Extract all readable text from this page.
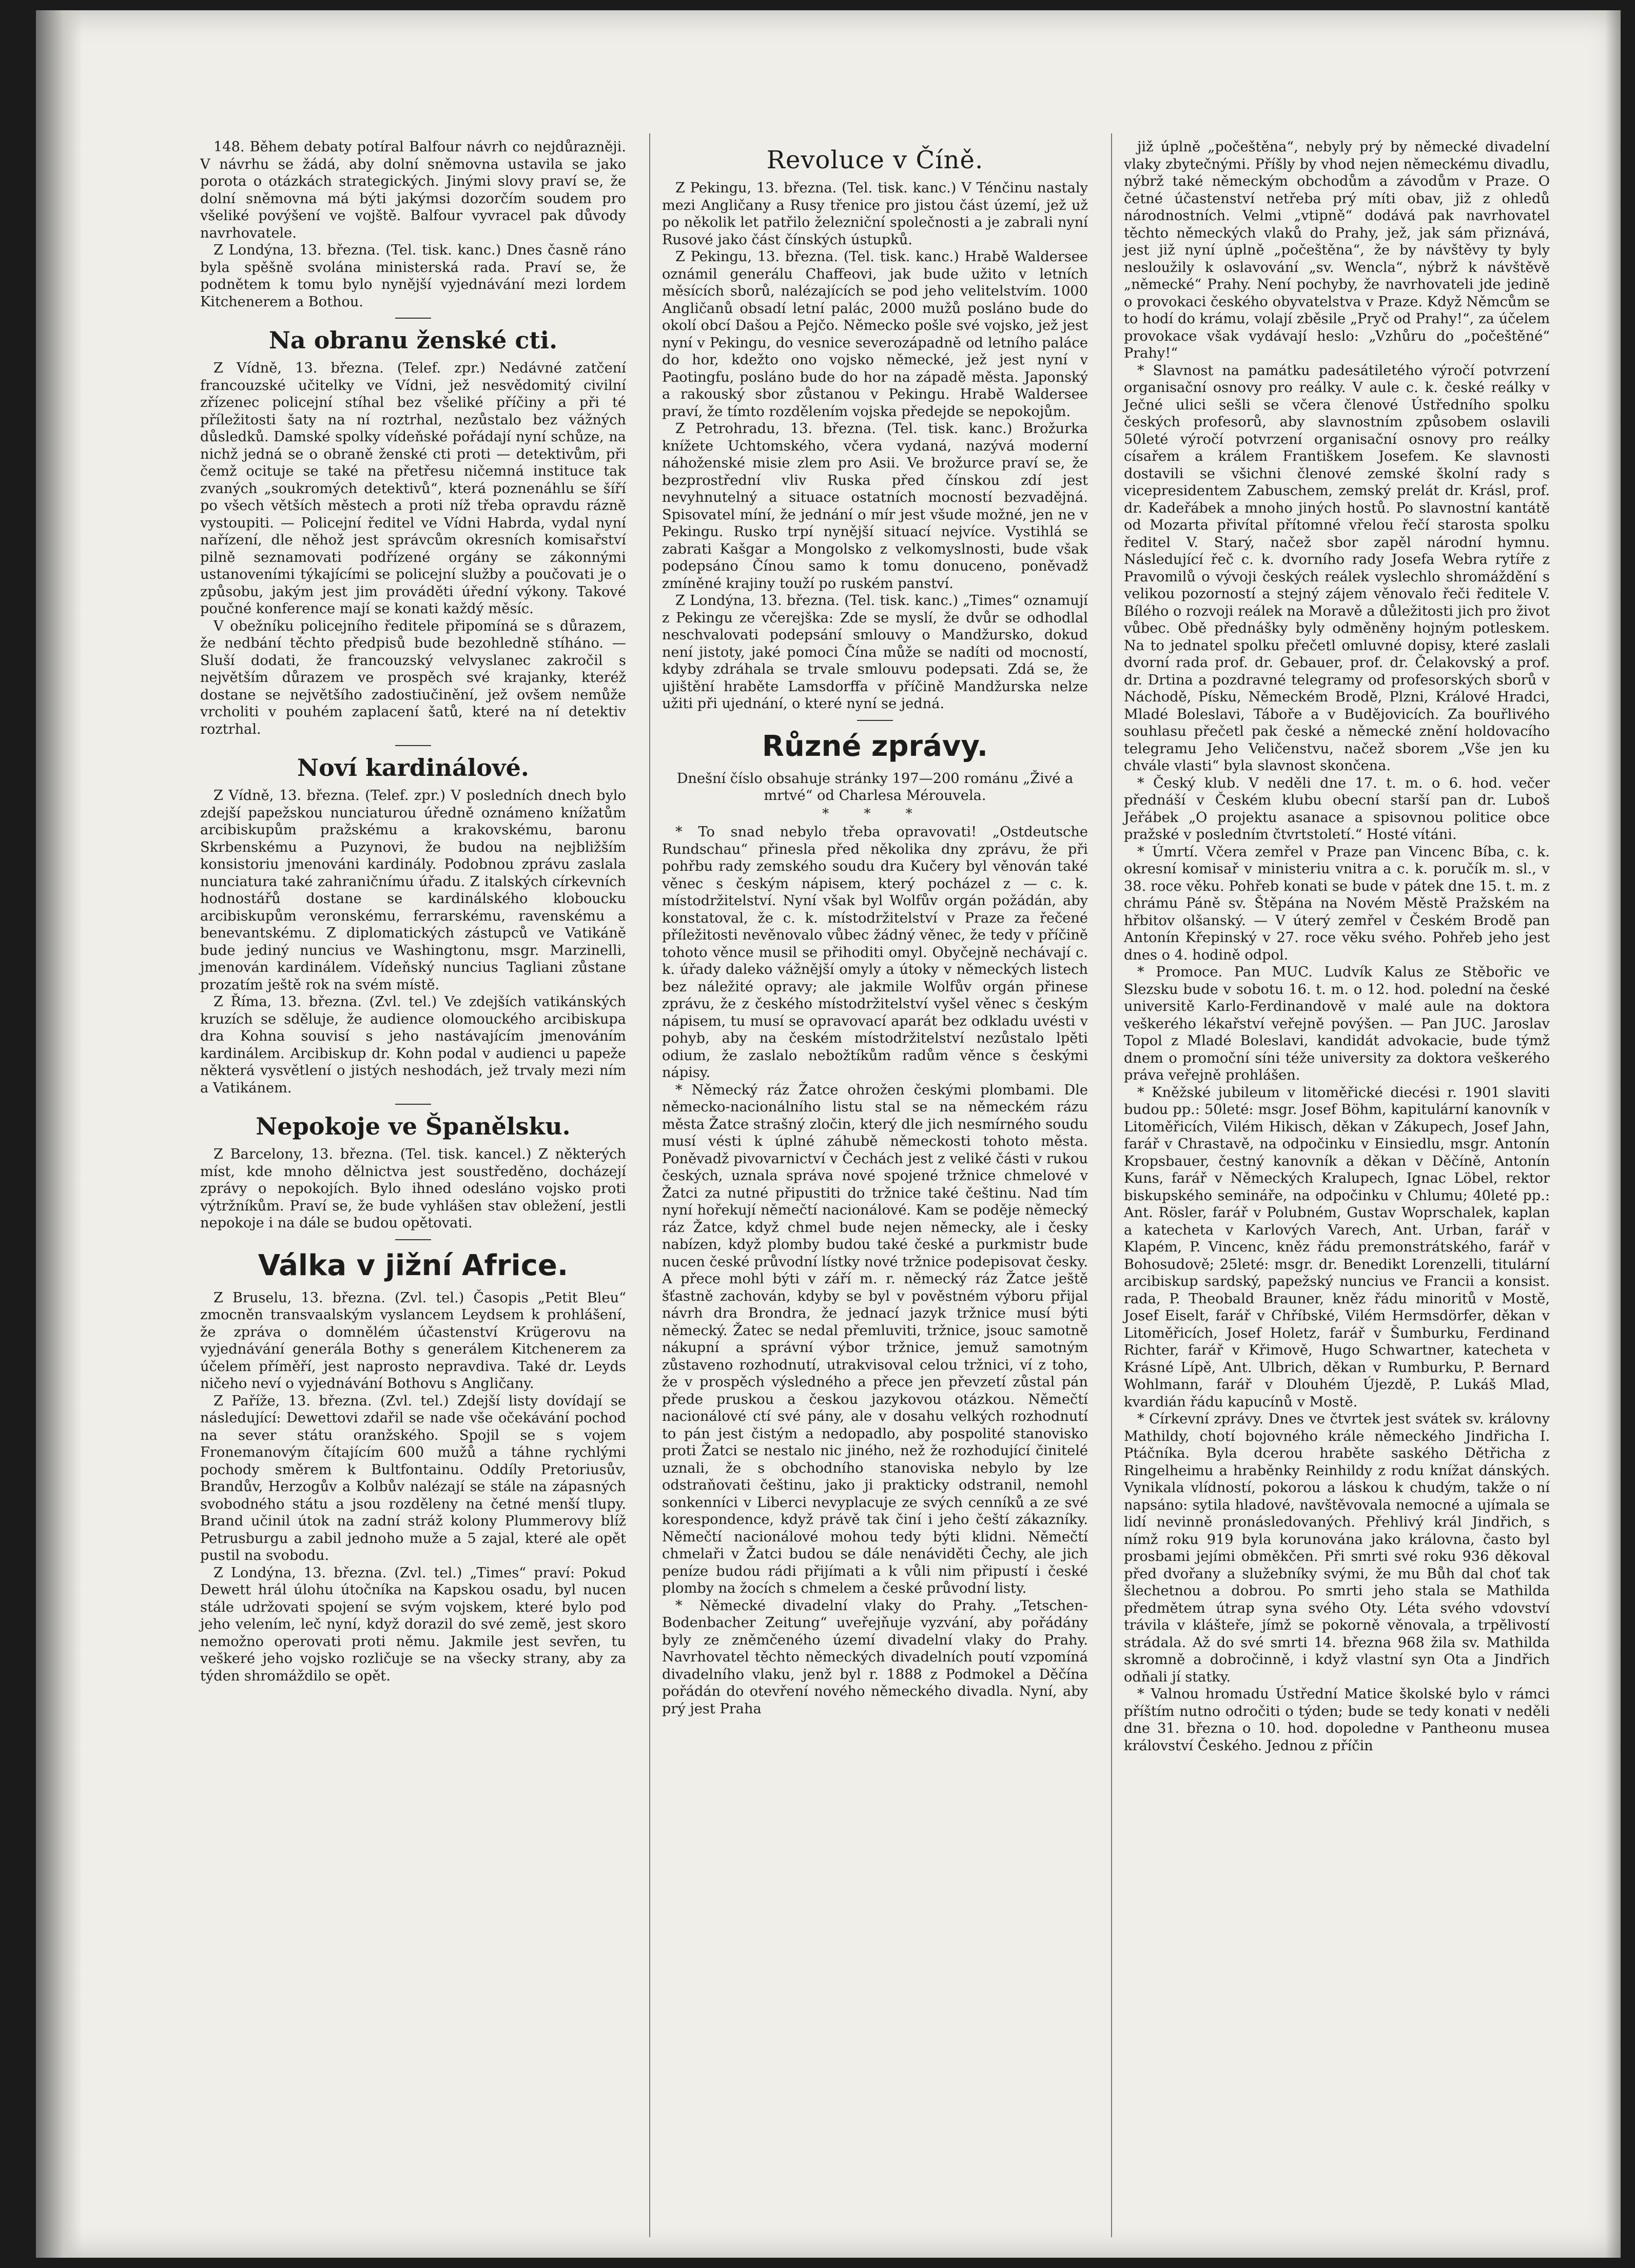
148. Během debaty potíral Balfour návrh co nejdůrazněji. V návrhu se žádá, aby dolní sněmovna ustavila se jako porota o otázkách strategických. Jinými slovy praví se, že dolní sněmovna má býti jakýmsi dozorčím soudem pro všeliké povýšení ve vojště. Balfour vyvracel pak důvody navrhovatele.

Z Londýna, 13. března. (Tel. tisk. kanc.) Dnes časně ráno byla spěšně svolána ministerská rada. Praví se, že podnětem k tomu bylo nynější vyjednávání mezi lordem Kitchenerem a Bothou.

Na obranu ženské cti.

Z Vídně, 13. března. (Telef. zpr.) Nedávné zatčení francouzské učitelky ve Vídni, jež nesvědomitý civilní zřízenec policejní stíhal bez všeliké příčiny a při té příležitosti šaty na ní roztrhal, nezůstalo bez vážných důsledků. Damské spolky vídeňské pořádají nyní schůze, na nichž jedná se o obraně ženské cti proti — detektivům, při čemž ocituje se také na přetřesu ničemná instituce tak zvaných „soukromých detektivů“, která poznenáhlu se šíří po všech větších městech a proti níž třeba opravdu rázně vystoupiti. — Policejní ředitel ve Vídni Habrda, vydal nyní nařízení, dle něhož jest správcům okresních komisařství pilně seznamovati podřízené orgány se zákonnými ustanoveními týkajícími se policejní služby a poučovati je o způsobu, jakým jest jim prováděti úřední výkony. Takové poučné konference mají se konati každý měsíc.

V obežníku policejního ředitele připomíná se s důrazem, že nedbání těchto předpisů bude bezohledně stíháno. — Sluší dodati, že francouzský velvyslanec zakročil s největším důrazem ve prospěch své krajanky, kteréž dostane se největšího zadostiučinění, jež ovšem nemůže vrcholiti v pouhém zaplacení šatů, které na ní detektiv roztrhal.

Noví kardinálové.

Z Vídně, 13. března. (Telef. zpr.) V posledních dnech bylo zdejší papežskou nunciaturou úředně oznámeno knížatům arcibiskupům pražskému a krakovskému, baronu Skrbenskému a Puzynovi, že budou na nejbližším konsistoriu jmenováni kardinály. Podobnou zprávu zaslala nunciatura také zahraničnímu úřadu. Z italských církevních hodnostářů dostane se kardinálského kloboucku arcibiskupům veronskému, ferrarskému, ravenskému a benevantskému. Z diplomatických zástupců ve Vatikáně bude jediný nuncius ve Washingtonu, msgr. Marzinelli, jmenován kardinálem. Vídeňský nuncius Tagliani zůstane prozatím ještě rok na svém místě.

Z Říma, 13. března. (Zvl. tel.) Ve zdejších vatikánských kruzích se sděluje, že audience olomouckého arcibiskupa dra Kohna souvisí s jeho nastávajícím jmenováním kardinálem. Arcibiskup dr. Kohn podal v audienci u papeže některá vysvětlení o jistých neshodách, jež trvaly mezi ním a Vatikánem.

Nepokoje ve Španělsku.

Z Barcelony, 13. března. (Tel. tisk. kancel.) Z některých míst, kde mnoho dělnictva jest soustředěno, docházejí zprávy o nepokojích. Bylo ihned odesláno vojsko proti výtržníkům. Praví se, že bude vyhlášen stav obležení, jestli nepokoje i na dále se budou opětovati.

Válka v jižní Africe.

Z Bruselu, 13. března. (Zvl. tel.) Časopis „Petit Bleu“ zmocněn transvaalským vyslancem Leydsem k prohlášení, že zpráva o domnělém účastenství Krügerovu na vyjednávání generála Bothy s generálem Kitchenerem za účelem příměří, jest naprosto nepravdiva. Také dr. Leyds ničeho neví o vyjednávání Bothovu s Angličany.

Z Paříže, 13. března. (Zvl. tel.) Zdejší listy dovídají se následující: Dewettovi zdařil se nade vše očekávání pochod na sever státu oranžského. Spojil se s vojem Fronemanovým čítajícím 600 mužů a táhne rychlými pochody směrem k Bultfontainu. Oddíly Pretoriusův, Brandův, Herzogův a Kolbův nalézají se stále na zápasných svobodného státu a jsou rozděleny na četné menší tlupy. Brand učinil útok na zadní stráž kolony Plummerovy blíž Petrusburgu a zabil jednoho muže a 5 zajal, které ale opět pustil na svobodu.

Z Londýna, 13. března. (Zvl. tel.) „Times“ praví: Pokud Dewett hrál úlohu útočníka na Kapskou osadu, byl nucen stále udržovati spojení se svým vojskem, které bylo pod jeho velením, leč nyní, když dorazil do své země, jest skoro nemožno operovati proti němu. Jakmile jest sevřen, tu veškeré jeho vojsko rozličuje se na všecky strany, aby za týden shromáždilo se opět.

Revoluce v Číně.

Z Pekingu, 13. března. (Tel. tisk. kanc.) V Ténčinu nastaly mezi Angličany a Rusy třenice pro jistou část území, jež už po několik let patřilo železniční společnosti a je zabrali nyní Rusové jako část čínských ústupků.

Z Pekingu, 13. března. (Tel. tisk. kanc.) Hrabě Waldersee oznámil generálu Chaffeovi, jak bude užito v letních měsících sborů, nalézajících se pod jeho velitelstvím. 1000 Angličanů obsadí letní palác, 2000 mužů posláno bude do okolí obcí Dašou a Pejčo. Německo pošle své vojsko, jež jest nyní v Pekingu, do vesnice severozápadně od letního paláce do hor, kdežto ono vojsko německé, jež jest nyní v Paotingfu, posláno bude do hor na západě města. Japonský a rakouský sbor zůstanou v Pekingu. Hrabě Waldersee praví, že tímto rozdělením vojska předejde se nepokojům.

Z Petrohradu, 13. března. (Tel. tisk. kanc.) Brožurka knížete Uchtomského, včera vydaná, nazývá moderní náhoženské misie zlem pro Asii. Ve brožurce praví se, že bezprostřední vliv Ruska před čínskou zdí jest nevyhnutelný a situace ostatních mocností bezvadějná. Spisovatel míní, že jednání o mír jest všude možné, jen ne v Pekingu. Rusko trpí nynější situací nejvíce. Vystihlá se zabrati Kašgar a Mongolsko z velkomyslnosti, bude však podepsáno Čínou samo k tomu donuceno, poněvadž zmíněné krajiny touží po ruském panství.

Z Londýna, 13. března. (Tel. tisk. kanc.) „Times“ oznamují z Pekingu ze včerejška: Zde se myslí, že dvůr se odhodlal neschvalovati podepsání smlouvy o Mandžursko, dokud není jistoty, jaké pomoci Čína může se nadíti od mocností, kdyby zdráhala se trvale smlouvu podepsati. Zdá se, že ujištění hraběte Lamsdorffa v příčině Mandžurska nelze užiti při ujednání, o které nyní se jedná.

Různé zprávy.

Dnešní číslo obsahuje stránky 197—200 románu „Živé a mrtvé“ od Charlesa Mérouvela.

* * *

* To snad nebylo třeba opravovati! „Ostdeutsche Rundschau“ přinesla před několika dny zprávu, že při pohřbu rady zemského soudu dra Kučery byl věnován také věnec s českým nápisem, který pocházel z — c. k. místodržitelství. Nyní však byl Wolfův orgán požádán, aby konstatoval, že c. k. místodržitelství v Praze za řečené příležitosti nevěnovalo vůbec žádný věnec, že tedy v příčině tohoto věnce musil se přihoditi omyl. Obyčejně nechávají c. k. úřady daleko vážnější omyly a útoky v německých listech bez náležité opravy; ale jakmile Wolfův orgán přinese zprávu, že z českého místodržitelství vyšel věnec s českým nápisem, tu musí se opravovací aparát bez odkladu uvésti v pohyb, aby na českém místodržitelství nezůstalo lpěti odium, že zaslalo nebožtíkům radům věnce s českými nápisy.

* Německý ráz Žatce ohrožen českými plombami. Dle německo-nacionálního listu stal se na německém rázu města Žatce strašný zločin, který dle jich nesmírného soudu musí vésti k úplné záhubě německosti tohoto města. Poněvadž pivovarnictví v Čechách jest z veliké části v rukou českých, uznala správa nové spojené tržnice chmelové v Žatci za nutné připustiti do tržnice také češtinu. Nad tím nyní hořekují němečtí nacionálové. Kam se poděje německý ráz Žatce, když chmel bude nejen německy, ale i česky nabízen, když plomby budou také české a purkmistr bude nucen české průvodní lístky nové tržnice podepisovat česky. A přece mohl býti v září m. r. německý ráz Žatce ještě šťastně zachován, kdyby se byl v pověstném výboru přijal návrh dra Brondra, že jednací jazyk tržnice musí býti německý. Žatec se nedal přemluviti, tržnice, jsouc samotně nákupní a správní výbor tržnice, jemuž samotným zůstaveno rozhodnutí, utrakvisoval celou tržnici, ví z toho, že v prospěch výsledného a přece jen převzetí zůstal pán přede pruskou a českou jazykovou otázkou. Němečtí nacionálové ctí své pány, ale v dosahu velkých rozhodnutí to pán jest čistým a nedopadlo, aby pospolité stanovisko proti Žatci se nestalo nic jiného, než že rozhodující činitelé uznali, že s obchodního stanoviska nebylo by lze odstraňovati češtinu, jako ji prakticky odstranil, nemohl sonkenníci v Liberci nevyplacuje ze svých cenníků a ze své korespondence, když právě tak činí i jeho čeští zákazníky. Němečtí nacionálové mohou tedy býti klidni. Němečtí chmelaři v Žatci budou se dále nenáviděti Čechy, ale jich peníze budou rádi přijímati a k vůli nim připustí i české plomby na žocích s chmelem a české průvodní listy.

* Německé divadelní vlaky do Prahy. „Tetschen-Bodenbacher Zeitung“ uveřejňuje vyzvání, aby pořádány byly ze zněmčeného území divadelní vlaky do Prahy. Navrhovatel těchto německých divadelních poutí vzpomíná divadelního vlaku, jenž byl r. 1888 z Podmokel a Děčína pořádán do otevření nového německého divadla. Nyní, aby prý jest Praha

již úplně „počeštěna“, nebyly prý by německé divadelní vlaky zbytečnými. Příšly by vhod nejen německému divadlu, nýbrž také německým obchodům a závodům v Praze. O četné účastenství netřeba prý míti obav, již z ohledů národnostních. Velmi „vtipně“ dodává pak navrhovatel těchto německých vlaků do Prahy, jež, jak sám přiznává, jest již nyní úplně „počeštěna“, že by návštěvy ty byly nesloužily k oslavování „sv. Wencla“, nýbrž k návštěvě „německé“ Prahy. Není pochyby, že navrhovateli jde jedině o provokaci českého obyvatelstva v Praze. Když Němcům se to hodí do krámu, volají zběsile „Pryč od Prahy!“, za účelem provokace však vydávají heslo: „Vzhůru do „počeštěné“ Prahy!“

* Slavnost na památku padesátiletého výročí potvrzení organisační osnovy pro reálky. V aule c. k. české reálky v Ječné ulici sešli se včera členové Ústředního spolku českých profesorů, aby slavnostním způsobem oslavili 50leté výročí potvrzení organisační osnovy pro reálky císařem a králem Františkem Josefem. Ke slavnosti dostavili se všichni členové zemské školní rady s vicepresidentem Zabuschem, zemský prelát dr. Krásl, prof. dr. Kadeřábek a mnoho jiných hostů. Po slavnostní kantátě od Mozarta přivítal přítomné vřelou řečí starosta spolku ředitel V. Starý, načež sbor zapěl národní hymnu. Následující řeč c. k. dvorního rady Josefa Webra rytíře z Pravomilů o vývoji českých reálek vyslechlo shromáždění s velikou pozorností a stejný zájem věnovalo řeči ředitele V. Bílého o rozvoji reálek na Moravě a důležitosti jich pro život vůbec. Obě přednášky byly odměněny hojným potleskem. Na to jednatel spolku přečetl omluvné dopisy, které zaslali dvorní rada prof. dr. Gebauer, prof. dr. Čelakovský a prof. dr. Drtina a pozdravné telegramy od profesorských sborů v Náchodě, Písku, Německém Brodě, Plzni, Králové Hradci, Mladé Boleslavi, Táboře a v Budějovicích. Za bouřlivého souhlasu přečetl pak české a německé znění holdovacího telegramu Jeho Veličenstvu, načež sborem „Vše jen ku chvále vlasti“ byla slavnost skončena.

* Český klub. V neděli dne 17. t. m. o 6. hod. večer přednáší v Českém klubu obecní starší pan dr. Luboš Jeřábek „O projektu asanace a spisovnou politice obce pražské v posledním čtvrtstoletí.“ Hosté vítáni.

* Úmrtí. Včera zemřel v Praze pan Vincenc Bíba, c. k. okresní komisař v ministeriu vnitra a c. k. poručík m. sl., v 38. roce věku. Pohřeb konati se bude v pátek dne 15. t. m. z chrámu Páně sv. Štěpána na Novém Městě Pražském na hřbitov olšanský. — V úterý zemřel v Českém Brodě pan Antonín Křepinský v 27. roce věku svého. Pohřeb jeho jest dnes o 4. hodině odpol.

* Promoce. Pan MUC. Ludvík Kalus ze Stěbořic ve Slezsku bude v sobotu 16. t. m. o 12. hod. polední na české universitě Karlo-Ferdinandově v malé aule na doktora veškerého lékařství veřejně povýšen. — Pan JUC. Jaroslav Topol z Mladé Boleslavi, kandidát advokacie, bude týmž dnem o promoční síni téže university za doktora veškerého práva veřejně prohlášen.

* Kněžské jubileum v litoměřické diecési r. 1901 slaviti budou pp.: 50leté: msgr. Josef Böhm, kapitulární kanovník v Litoměřicích, Vilém Hikisch, děkan v Zákupech, Josef Jahn, farář v Chrastavě, na odpočinku v Einsiedlu, msgr. Antonín Kropsbauer, čestný kanovník a děkan v Děčíně, Antonín Kuns, farář v Německých Kralupech, Ignac Löbel, rektor biskupského semináře, na odpočinku v Chlumu; 40leté pp.: Ant. Rösler, farář v Polubném, Gustav Woprschalek, kaplan a katecheta v Karlových Varech, Ant. Urban, farář v Klapém, P. Vincenc, kněz řádu premonstrátského, farář v Bohosudově; 25leté: msgr. dr. Benedikt Lorenzelli, titulární arcibiskup sardský, papežský nuncius ve Francii a konsist. rada, P. Theobald Brauner, kněz řádu minoritů v Mostě, Josef Eiselt, farář v Chříbské, Vilém Hermsdörfer, děkan v Litoměřicích, Josef Holetz, farář v Šumburku, Ferdinand Richter, farář v Křimově, Hugo Schwartner, katecheta v Krásné Lípě, Ant. Ulbrich, děkan v Rumburku, P. Bernard Wohlmann, farář v Dlouhém Újezdě, P. Lukáš Mlad, kvardián řádu kapucínů v Mostě.

* Církevní zprávy. Dnes ve čtvrtek jest svátek sv. královny Mathildy, chotí bojovného krále německého Jindřicha I. Ptáčníka. Byla dcerou hraběte saského Dětřicha z Ringelheimu a hraběnky Reinhildy z rodu knížat dánských. Vynikala vlídností, pokorou a láskou k chudým, takže o ní napsáno: sytila hladové, navštěvovala nemocné a ujímala se lidí nevinně pronásledovaných. Přehlivý král Jindřich, s nímž roku 919 byla korunována jako královna, často byl prosbami jejími obměkčen. Při smrti své roku 936 děkoval před dvořany a služebníky svými, že mu Bůh dal choť tak šlechetnou a dobrou. Po smrti jeho stala se Mathilda předmětem útrap syna svého Oty. Léta svého vdovství trávila v klášteře, jímž se pokorně věnovala, a trpělivostí strádala. Až do své smrti 14. března 968 žila sv. Mathilda skromně a dobročinně, i když vlastní syn Ota a Jindřich odňali jí statky.

* Valnou hromadu Ústřední Matice školské bylo v rámci příštím nutno odročiti o týden; bude se tedy konati v neděli dne 31. března o 10. hod. dopoledne v Pantheonu musea království Českého. Jednou z příčin
